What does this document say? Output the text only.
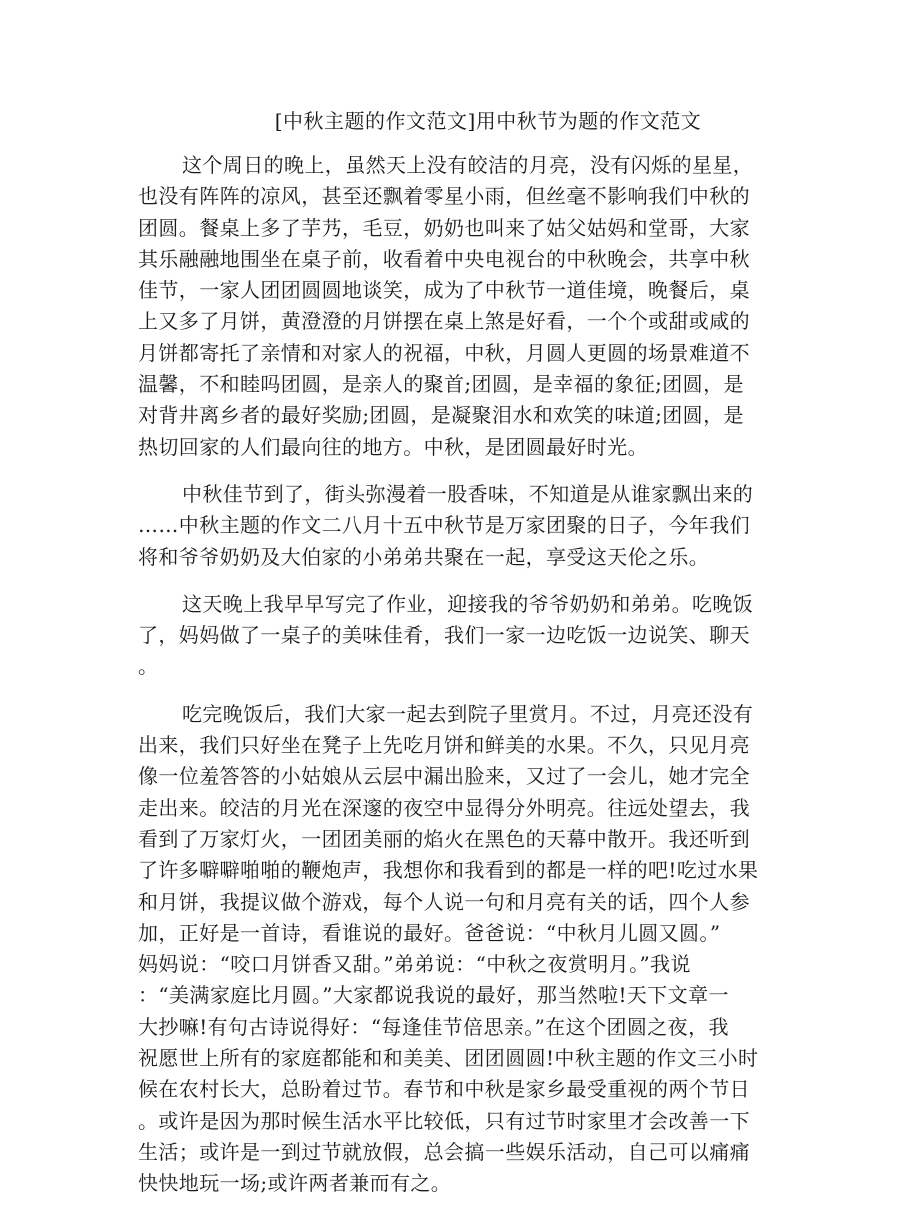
[中秋主题的作文范文]用中秋节为题的作文范文

这个周日的晚上，虽然天上没有皎洁的月亮，没有闪烁的星星，
也没有阵阵的凉风，甚至还飘着零星小雨，但丝毫不影响我们中秋的
团圆。餐桌上多了芋艿，毛豆，奶奶也叫来了姑父姑妈和堂哥，大家
其乐融融地围坐在桌子前，收看着中央电视台的中秋晚会，共享中秋
佳节，一家人团团圆圆地谈笑，成为了中秋节一道佳境，晚餐后，桌
上又多了月饼，黄澄澄的月饼摆在桌上煞是好看，一个个或甜或咸的
月饼都寄托了亲情和对家人的祝福，中秋，月圆人更圆的场景难道不
温馨，不和睦吗团圆，是亲人的聚首;团圆，是幸福的象征;团圆，是
对背井离乡者的最好奖励;团圆，是凝聚泪水和欢笑的味道;团圆，是
热切回家的人们最向往的地方。中秋，是团圆最好时光。

中秋佳节到了，街头弥漫着一股香味，不知道是从谁家飘出来的
……中秋主题的作文二八月十五中秋节是万家团聚的日子，今年我们
将和爷爷奶奶及大伯家的小弟弟共聚在一起，享受这天伦之乐。

这天晚上我早早写完了作业，迎接我的爷爷奶奶和弟弟。吃晚饭
了，妈妈做了一桌子的美味佳肴，我们一家一边吃饭一边说笑、聊天
。

吃完晚饭后，我们大家一起去到院子里赏月。不过，月亮还没有
出来，我们只好坐在凳子上先吃月饼和鲜美的水果。不久，只见月亮
像一位羞答答的小姑娘从云层中漏出脸来，又过了一会儿，她才完全
走出来。皎洁的月光在深邃的夜空中显得分外明亮。往远处望去，我
看到了万家灯火，一团团美丽的焰火在黑色的天幕中散开。我还听到
了许多噼噼啪啪的鞭炮声，我想你和我看到的都是一样的吧!吃过水果
和月饼，我提议做个游戏，每个人说一句和月亮有关的话，四个人参
加，正好是一首诗，看谁说的最好。爸爸说：“中秋月儿圆又圆。”
妈妈说：“咬口月饼香又甜。”弟弟说：“中秋之夜赏明月。”我说
：“美满家庭比月圆。”大家都说我说的最好，那当然啦!天下文章一
大抄嘛!有句古诗说得好：“每逢佳节倍思亲。”在这个团圆之夜，我
祝愿世上所有的家庭都能和和美美、团团圆圆!中秋主题的作文三小时
候在农村长大，总盼着过节。春节和中秋是家乡最受重视的两个节日
。或许是因为那时候生活水平比较低，只有过节时家里才会改善一下
生活；或许是一到过节就放假，总会搞一些娱乐活动，自己可以痛痛
快快地玩一场;或许两者兼而有之。
